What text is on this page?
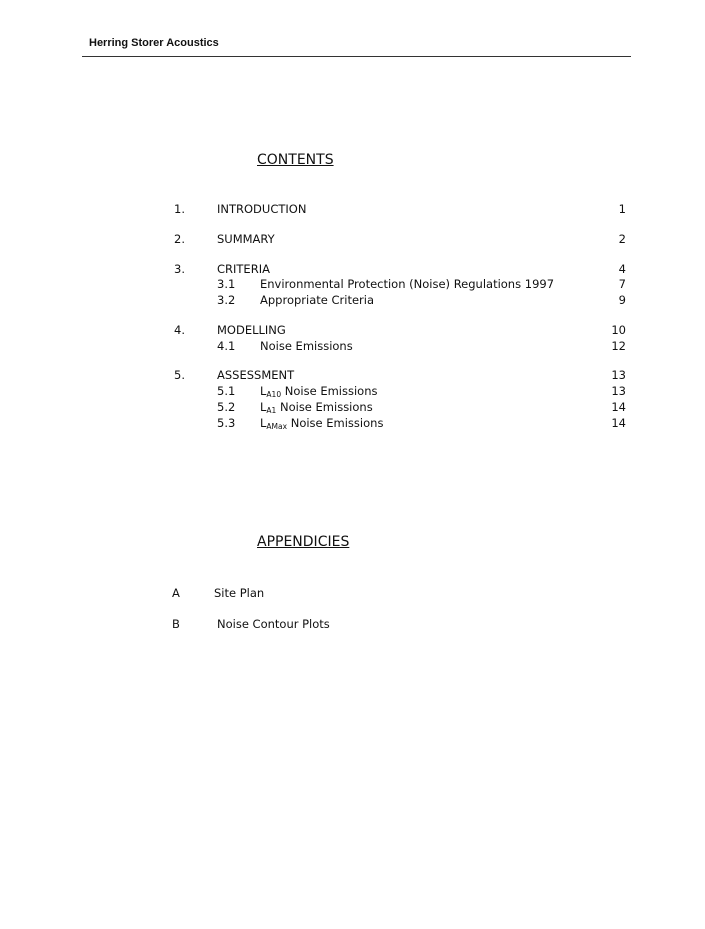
Herring Storer Acoustics
CONTENTS
1.	INTRODUCTION	1
2.	SUMMARY	2
3.	CRITERIA	4
3.1 Environmental Protection (Noise) Regulations 1997	7
3.2 Appropriate Criteria	9
4.	MODELLING	10
4.1 Noise Emissions	12
5.	ASSESSMENT	13
5.1 $L_{A10}$ Noise Emissions	13
5.2 $L_{A1}$ Noise Emissions	14
5.3 $L_{AMax}$ Noise Emissions	14
APPENDICIES
A	Site Plan
B	Noise Contour Plots
